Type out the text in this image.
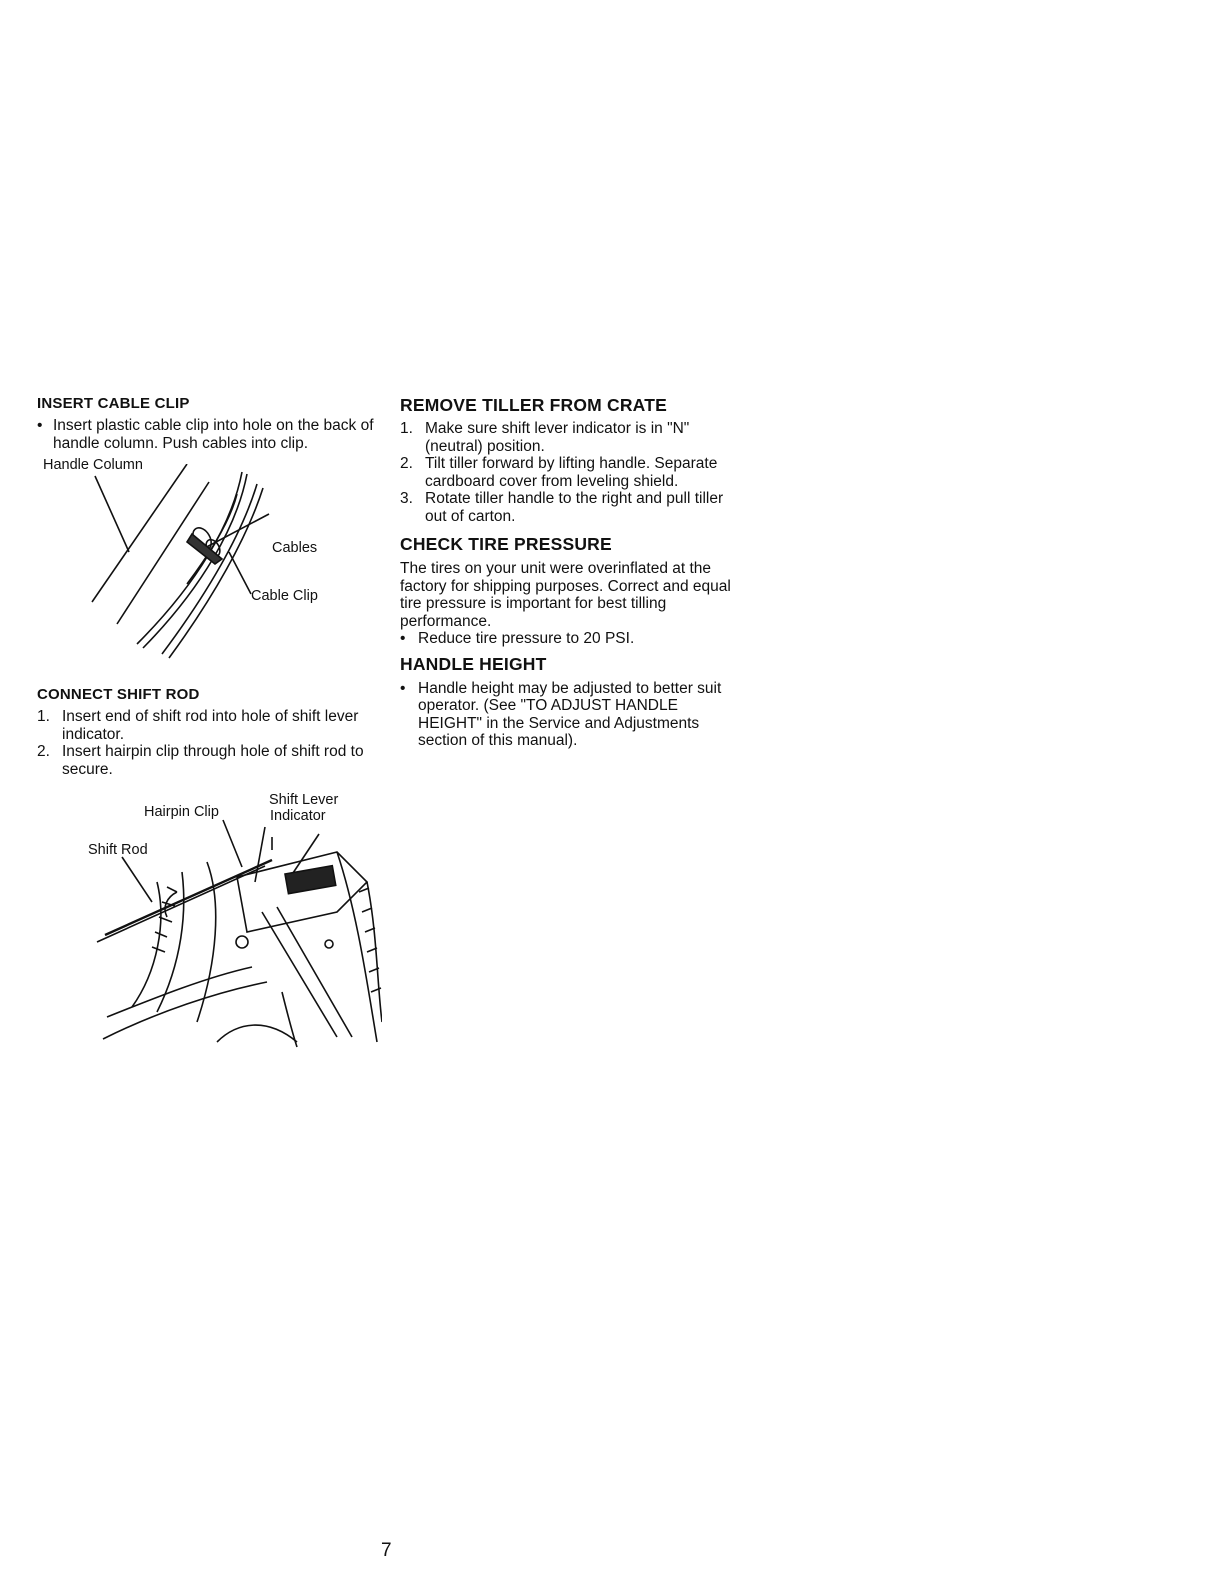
INSERT CABLE CLIP
• Insert plastic cable clip into hole on the back of handle column. Push cables into clip.
Handle Column
Cables
Cable Clip
CONNECT SHIFT ROD
1. Insert end of shift rod into hole of shift lever indicator.
2. Insert hairpin clip through hole of shift rod to secure.
Hairpin Clip
Shift Lever
Indicator
Shift Rod
REMOVE TILLER FROM CRATE
1. Make sure shift lever indicator is in "N" (neutral) position.
2. Tilt tiller forward by lifting handle. Separate cardboard cover from leveling shield.
3. Rotate tiller handle to the right and pull tiller out of carton.
CHECK TIRE PRESSURE

The tires on your unit were overinflated at the factory for shipping purposes. Correct and equal tire pressure is important for best tilling performance.

• Reduce tire pressure to 20 PSI.
HANDLE HEIGHT
• Handle height may be adjusted to better suit operator. (See "TO ADJUST HANDLE HEIGHT" in the Service and Adjustments section of this manual).
7
